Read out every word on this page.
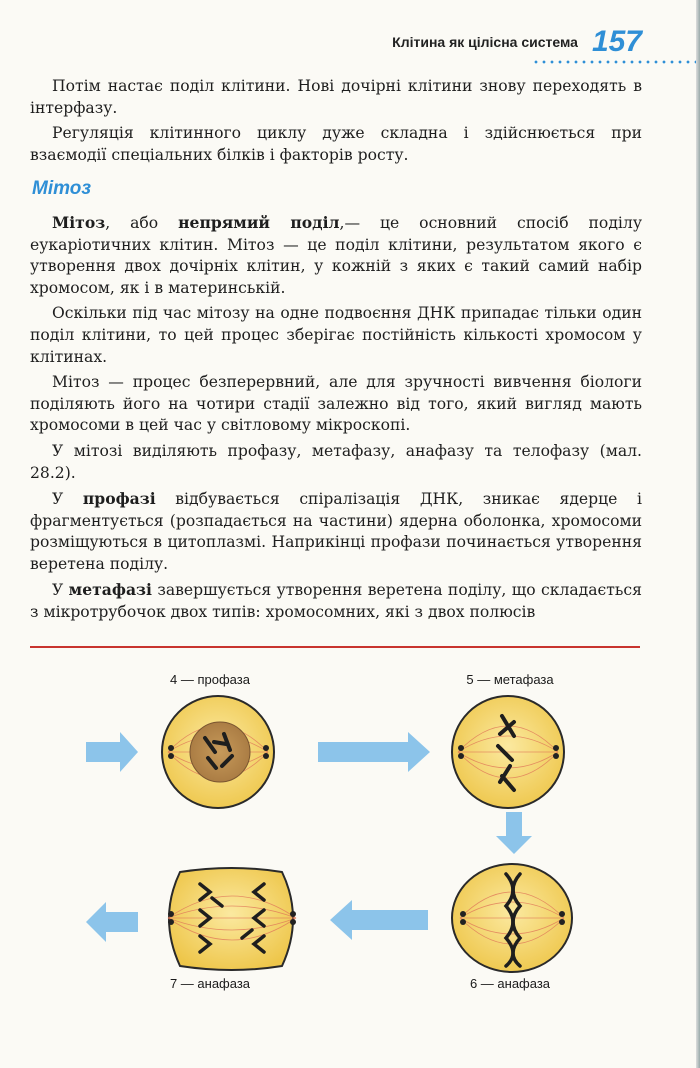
Клітина як цілісна система 157

Потім настає поділ клітини. Нові дочірні клітини знову переходять в інтерфазу.

Регуляція клітинного циклу дуже складна і здійснюється при взаємодії спеціальних білків і факторів росту.

Мітоз

Мітоз, або непрямий поділ,— це основний спосіб поділу еукаріотичних клітин. Мітоз — це поділ клітини, результатом якого є утворення двох дочірніх клітин, у кожній з яких є такий самий набір хромосом, як і в материнській.

Оскільки під час мітозу на одне подвоєння ДНК припадає тільки один поділ клітини, то цей процес зберігає постійність кількості хромосом у клітинах.

Мітоз — процес безперервний, але для зручності вивчення біологи поділяють його на чотири стадії залежно від того, який вигляд мають хромосоми в цей час у світловому мікроскопі.

У мітозі виділяють профазу, метафазу, анафазу та телофазу (мал. 28.2).

У профазі відбувається спіралізація ДНК, зникає ядерце і фрагментується (розпадається на частини) ядерна оболонка, хромосоми розміщуються в цитоплазмі. Наприкінці профази починається утворення веретена поділу.

У метафазі завершується утворення веретена поділу, що складається з мікротрубочок двох типів: хромосомних, які з двох полюсів

4 — профаза	5 — метафаза
6 — анафаза
7 — анафаза
